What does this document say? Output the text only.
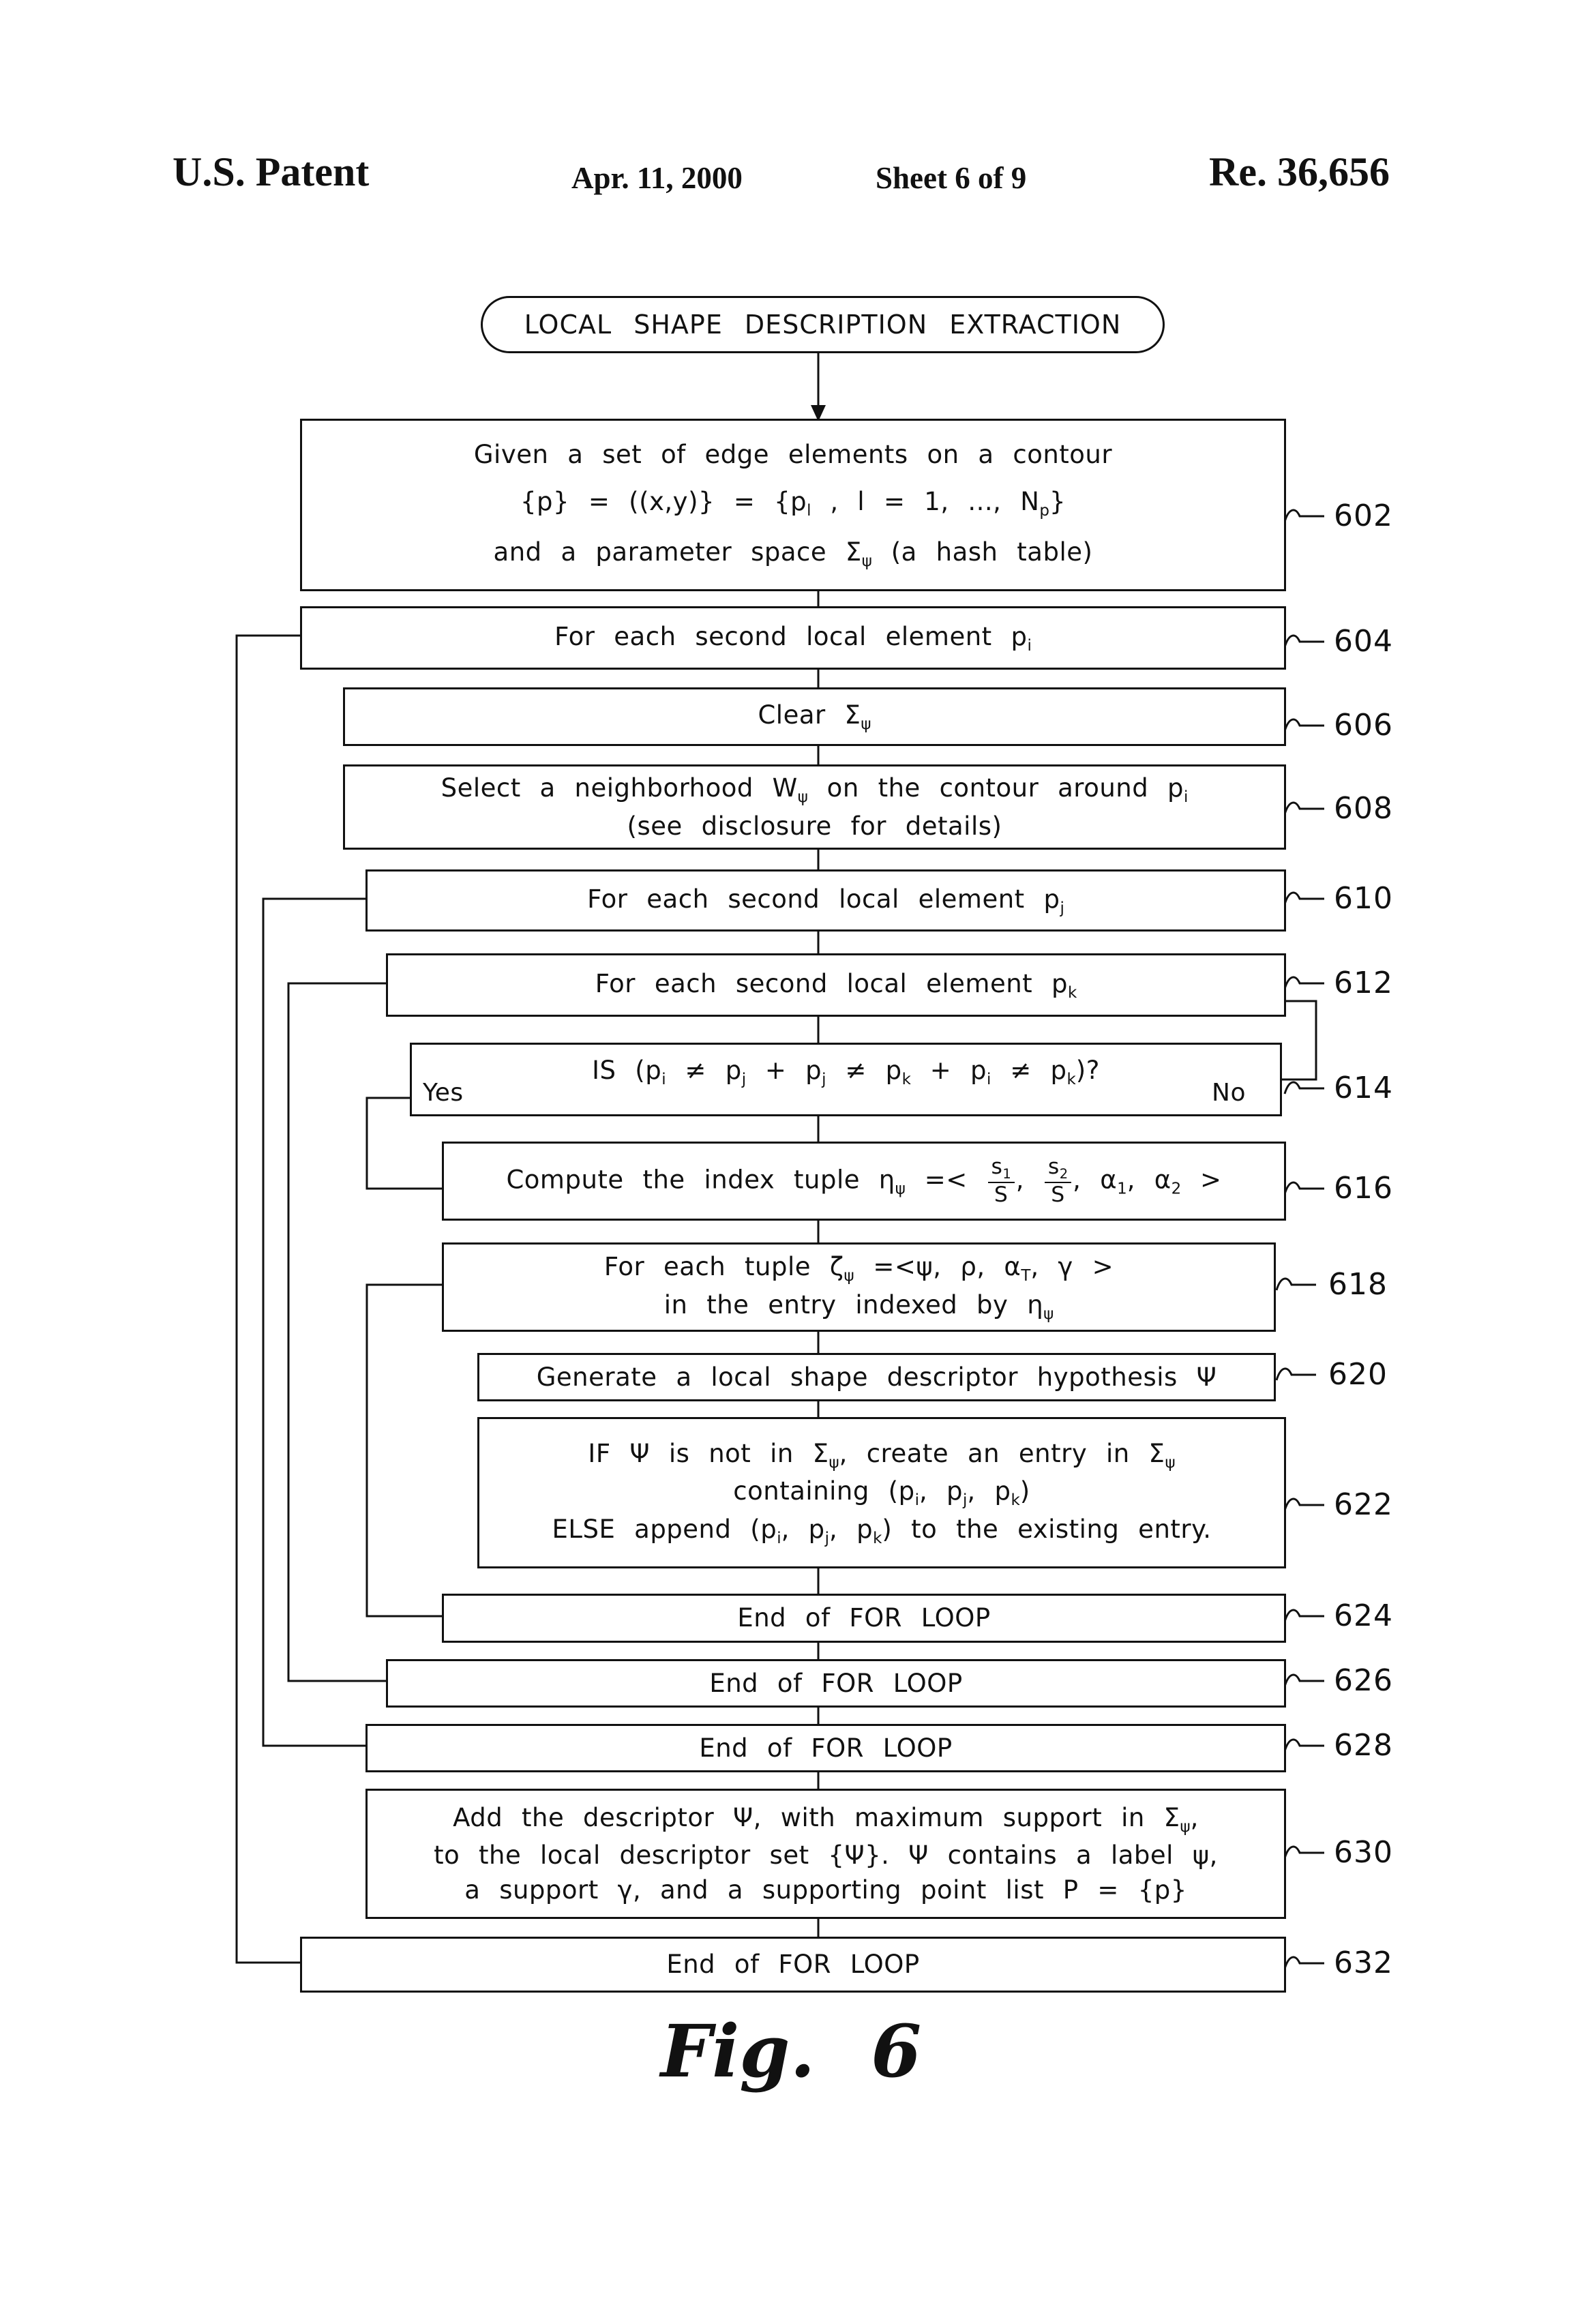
U.S. Patent	Apr. 11, 2000	Sheet 6 of 9	Re. 36,656
LOCAL SHAPE DESCRIPTION EXTRACTION
Given a set of edge elements on a contour
$\{p\} = ((x,y)\} = \{p_l$ , l = 1, ..., $N_p$}
and a parameter space $\Sigma_\psi$ (a hash table)
For each second local element $p_i$
Clear $\Sigma_\psi$
Select a neighborhood $W_\psi$ on the contour around $p_i$
(see disclosure for details)
For each second local element $p_j$
For each second local element $p_k$
IS $(p_i \ne p_j + p_j \ne p_k + p_i \ne p_k)$?
Yes	No
Compute the index tuple $\eta_\psi =< \frac{s_1}{S}$ , $\frac{s_2}{S}$ , $\alpha_1$, $\alpha_2$ >
For each tuple $\zeta_\psi =<\psi$, ρ, $\alpha_T$, γ >
in the entry indexed by $\eta_\psi$
Generate a local shape descriptor hypothesis Ψ
IF Ψ is not in $\Sigma_\psi$, create an entry in $\Sigma_\psi$
containing ($p_i$, $p_j$, $p_k$)
ELSE append ($p_i$, $p_j$, $p_k$) to the existing entry.
End of FOR LOOP
End of FOR LOOP
End of FOR LOOP
Add the descriptor Ψ, with maximum support in $\Sigma_\psi$,
to the local descriptor set {Ψ}. Ψ contains a label ψ,
a support γ, and a supporting point list P = {p}
End of FOR LOOP
602
604
606
608
610
612
614
616
618
620
622
624
626
628
630
632
Fig. 6
